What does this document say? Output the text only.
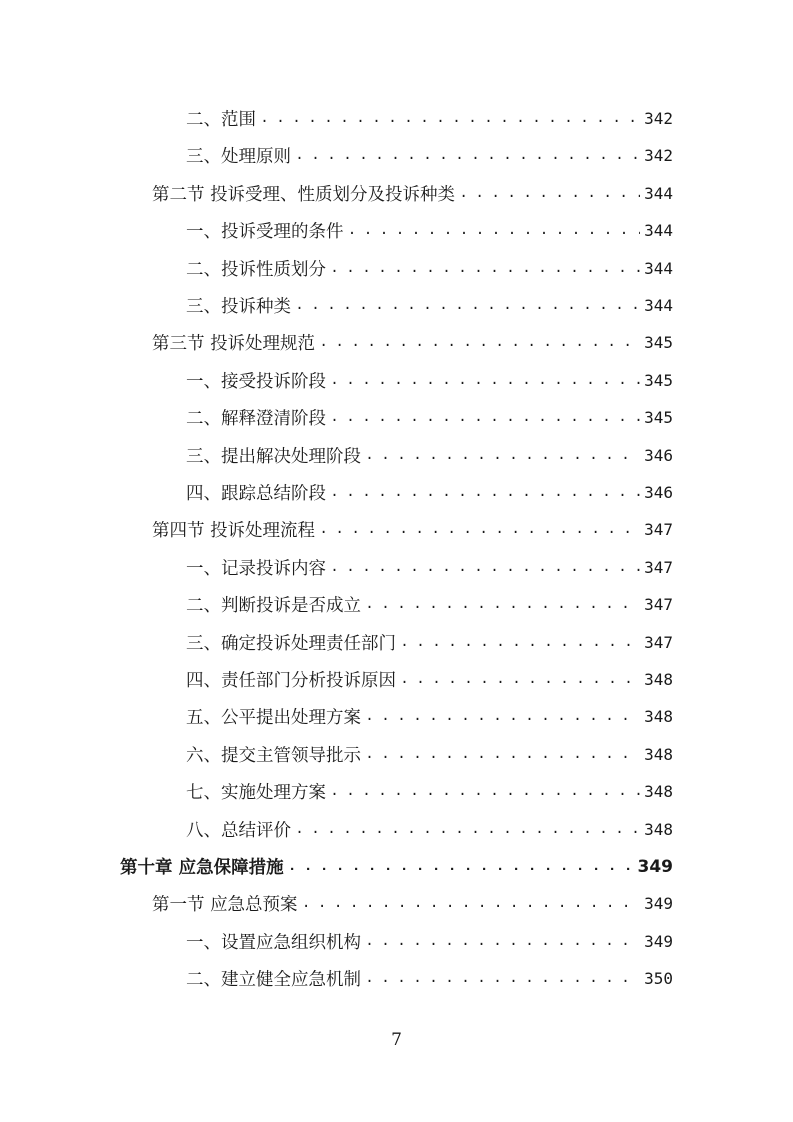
二、范围 . . .	342
三、处理原则 . . .	342
第二节 投诉受理、性质划分及投诉种类 . . .	344
一、投诉受理的条件 . . .	344
二、投诉性质划分 . . .	344
三、投诉种类 . . .	344
第三节 投诉处理规范 . . .	345
一、接受投诉阶段 . . .	345
二、解释澄清阶段 . . .	345
三、提出解决处理阶段 . . .	346
四、跟踪总结阶段 . . .	346
第四节 投诉处理流程 . . .	347
一、记录投诉内容 . . .	347
二、判断投诉是否成立 . . .	347
三、确定投诉处理责任部门 . . .	347
四、责任部门分析投诉原因 . . .	348
五、公平提出处理方案 . . .	348
六、提交主管领导批示 . . .	348
七、实施处理方案 . . .	348
八、总结评价 . . .	348
第十章 应急保障措施 . . .	349
第一节 应急总预案 . . .	349
一、设置应急组织机构 . . .	349
二、建立健全应急机制 . . .	350
7
